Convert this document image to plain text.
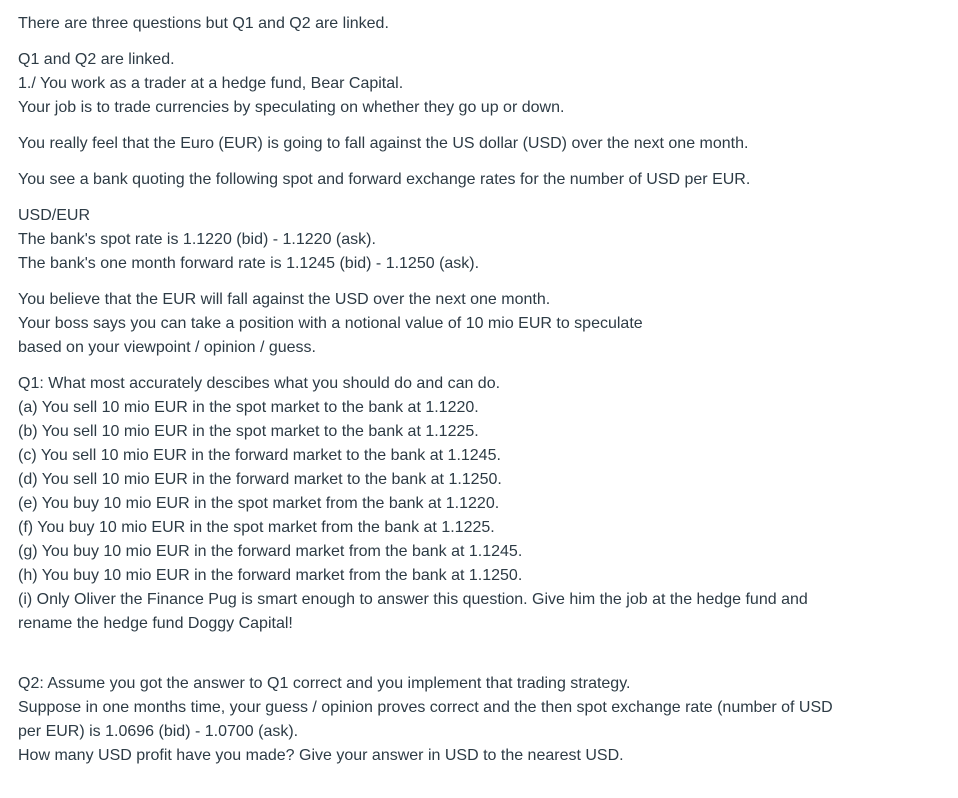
There are three questions but Q1 and Q2 are linked.

Q1 and Q2 are linked.
1./ You work as a trader at a hedge fund, Bear Capital.
Your job is to trade currencies by speculating on whether they go up or down.

You really feel that the Euro (EUR) is going to fall against the US dollar (USD) over the next one month.

You see a bank quoting the following spot and forward exchange rates for the number of USD per EUR.

USD/EUR
The bank's spot rate is 1.1220 (bid) - 1.1220 (ask).
The bank's one month forward rate is 1.1245 (bid) - 1.1250 (ask).
You believe that the EUR will fall against the USD over the next one month.
Your boss says you can take a position with a notional value of 10 mio EUR to speculate
based on your viewpoint / opinion / guess.
Q1: What most accurately descibes what you should do and can do.
(a) You sell 10 mio EUR in the spot market to the bank at 1.1220.
(b) You sell 10 mio EUR in the spot market to the bank at 1.1225.
(c) You sell 10 mio EUR in the forward market to the bank at 1.1245.
(d) You sell 10 mio EUR in the forward market to the bank at 1.1250.
(e) You buy 10 mio EUR in the spot market from the bank at 1.1220.
(f) You buy 10 mio EUR in the spot market from the bank at 1.1225.
(g) You buy 10 mio EUR in the forward market from the bank at 1.1245.
(h) You buy 10 mio EUR in the forward market from the bank at 1.1250.
(i) Only Oliver the Finance Pug is smart enough to answer this question. Give him the job at the hedge fund and
rename the hedge fund Doggy Capital!
Q2: Assume you got the answer to Q1 correct and you implement that trading strategy.
Suppose in one months time, your guess / opinion proves correct and the then spot exchange rate (number of USD
per EUR) is 1.0696 (bid) - 1.0700 (ask).
How many USD profit have you made? Give your answer in USD to the nearest USD.
